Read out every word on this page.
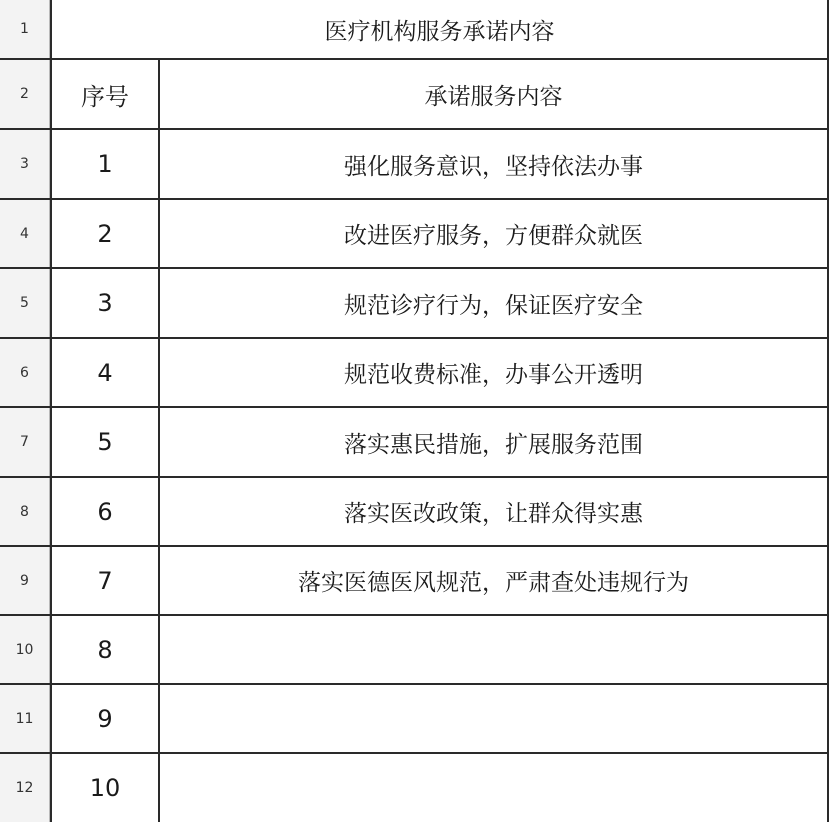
1	医疗机构服务承诺内容
2	序号	承诺服务内容
3	1	强化服务意识，坚持依法办事
4	2	改进医疗服务，方便群众就医
5	3	规范诊疗行为，保证医疗安全
6	4	规范收费标准，办事公开透明
7	5	落实惠民措施，扩展服务范围
8	6	落实医改政策，让群众得实惠
9	7	落实医德医风规范，严肃查处违规行为
10	8
11	9
12	10
